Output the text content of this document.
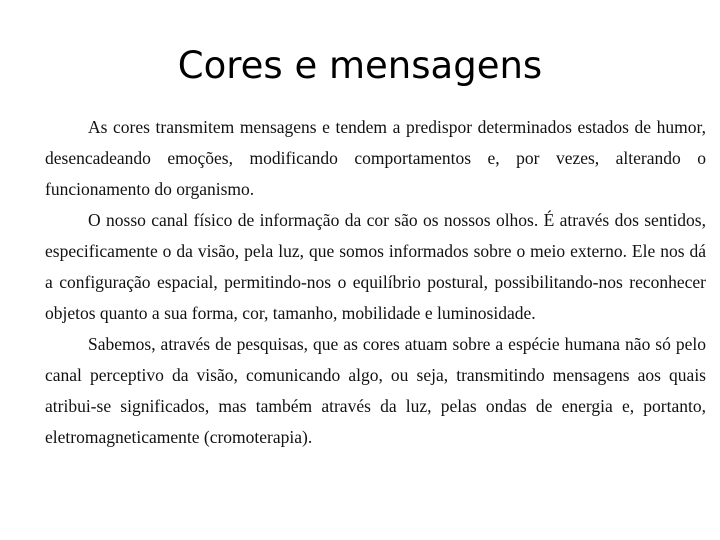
Cores e mensagens

As cores transmitem mensagens e tendem a predispor determinados estados de humor, desencadeando emoções, modificando comportamentos e, por vezes, alterando o funcionamento do organismo.

O nosso canal físico de informação da cor são os nossos olhos. É através dos sentidos, especificamente o da visão, pela luz, que somos informados sobre o meio externo. Ele nos dá a configuração espacial, permitindo-nos o equilíbrio postural, possibilitando-nos reconhecer objetos quanto a sua forma, cor, tamanho, mobilidade e luminosidade.

Sabemos, através de pesquisas, que as cores atuam sobre a espécie humana não só pelo canal perceptivo da visão, comunicando algo, ou seja, transmitindo mensagens aos quais atribui-se significados, mas também através da luz, pelas ondas de energia e, portanto, eletromagneticamente (cromoterapia).
